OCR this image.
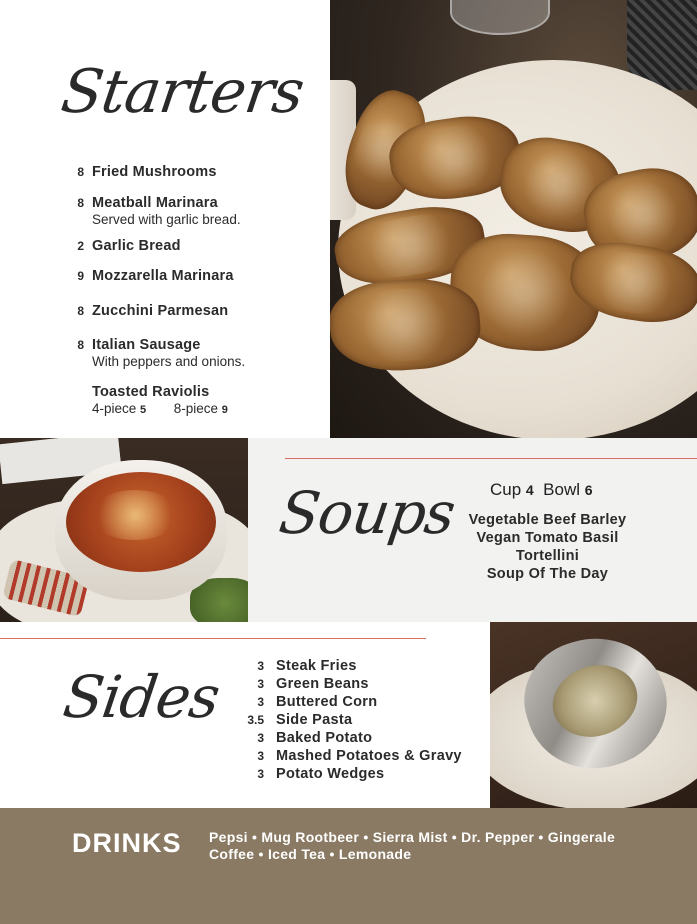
Starters
8 Fried Mushrooms
8 Meatball Marinara
Served with garlic bread.
2 Garlic Bread
9 Mozzarella Marinara
8 Zucchini Parmesan
8 Italian Sausage
With peppers and onions.
Toasted Raviolis
4-piece 5 8-piece 9
Soups Cup 4 Bowl 6
Vegetable Beef Barley
Vegan Tomato Basil
Tortellini
Soup Of The Day
Sides	3 Steak Fries
3 Green Beans
3 Buttered Corn
3.5 Side Pasta
3 Baked Potato
3 Mashed Potatoes & Gravy
3 Potato Wedges
DRINKS Pepsi • Mug Rootbeer • Sierra Mist • Dr. Pepper • Gingerale
Coffee • Iced Tea • Lemonade
